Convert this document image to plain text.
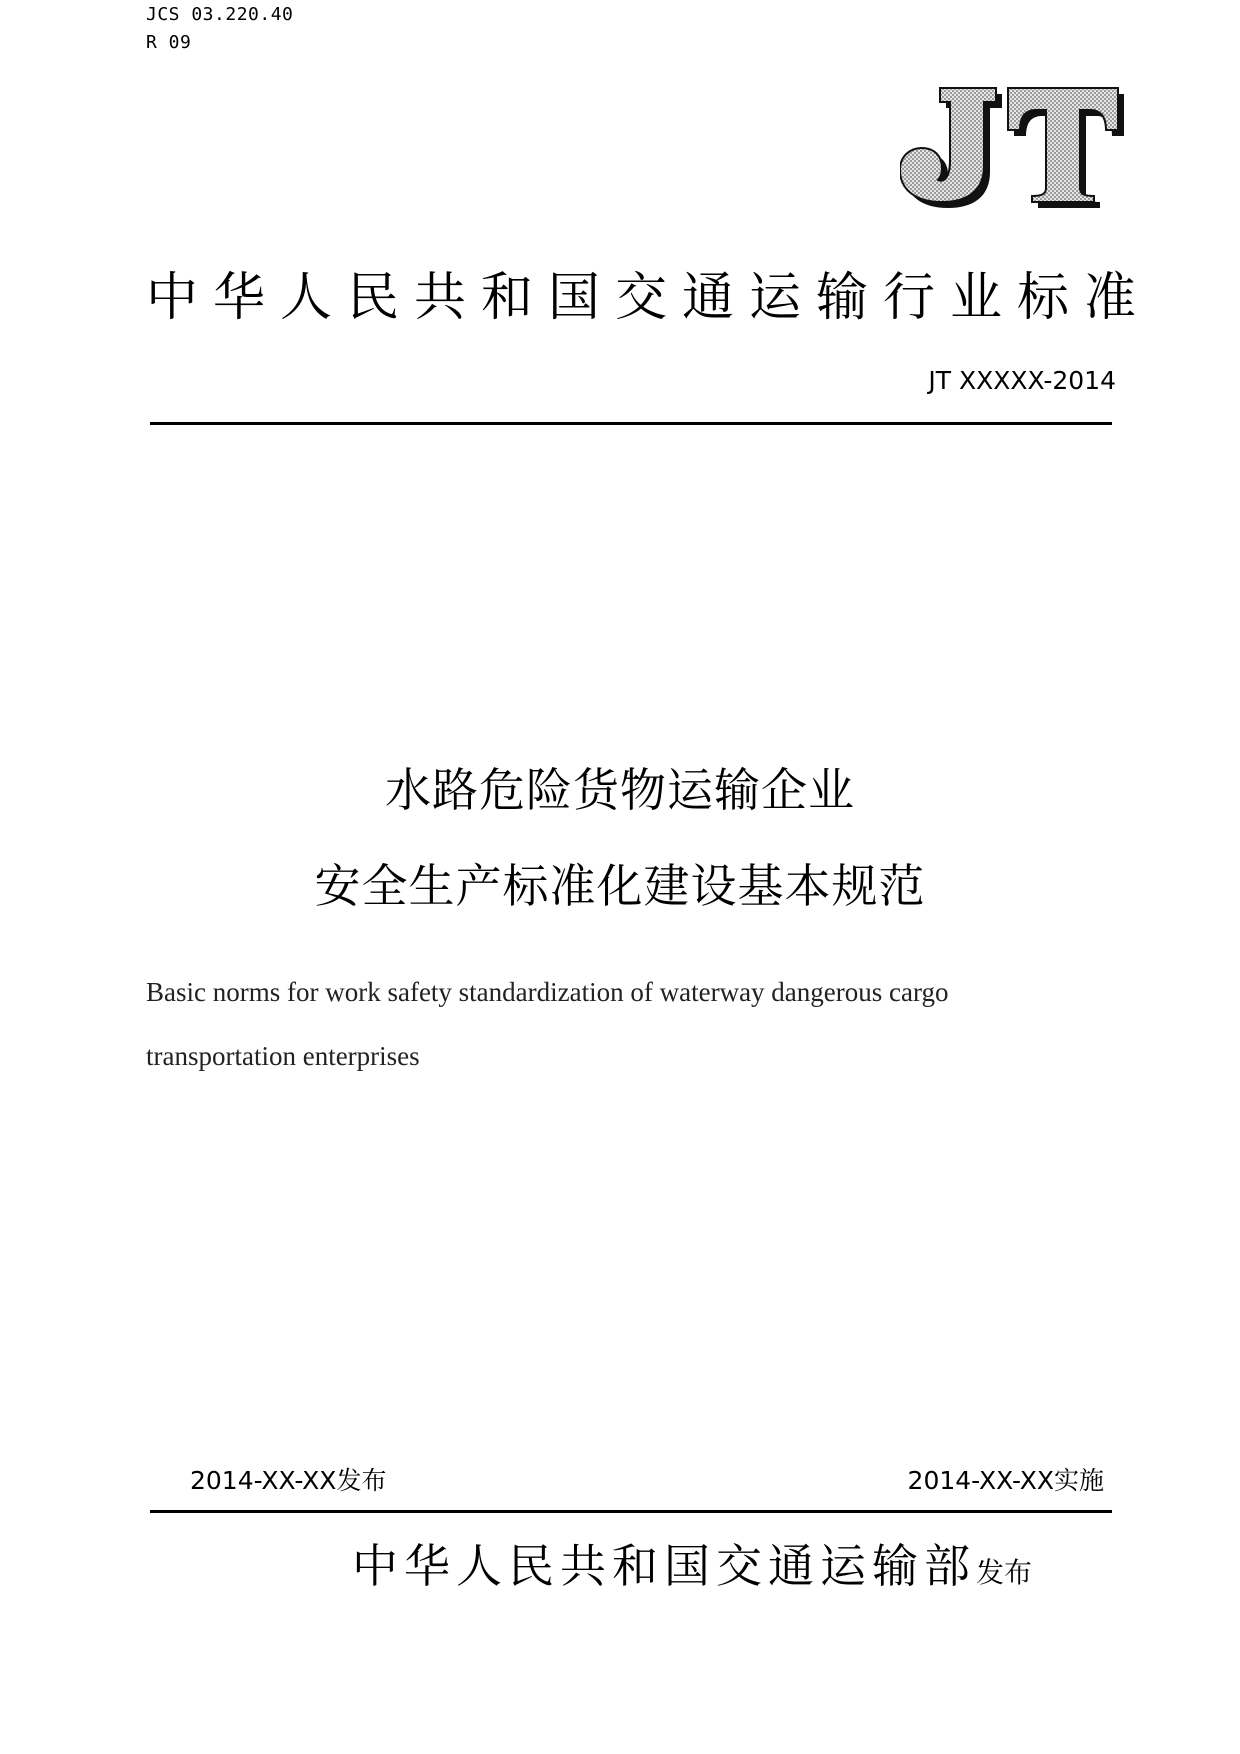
JCS 03.220.40
R 09
中华人民共和国交通运输行业标准
JT XXXXX-2014
水路危险货物运输企业
安全生产标准化建设基本规范
Basic norms for work safety standardization of waterway dangerous cargo
transportation enterprises
2014-XX-XX发布	2014-XX-XX实施
中华人民共和国交通运输部发布
